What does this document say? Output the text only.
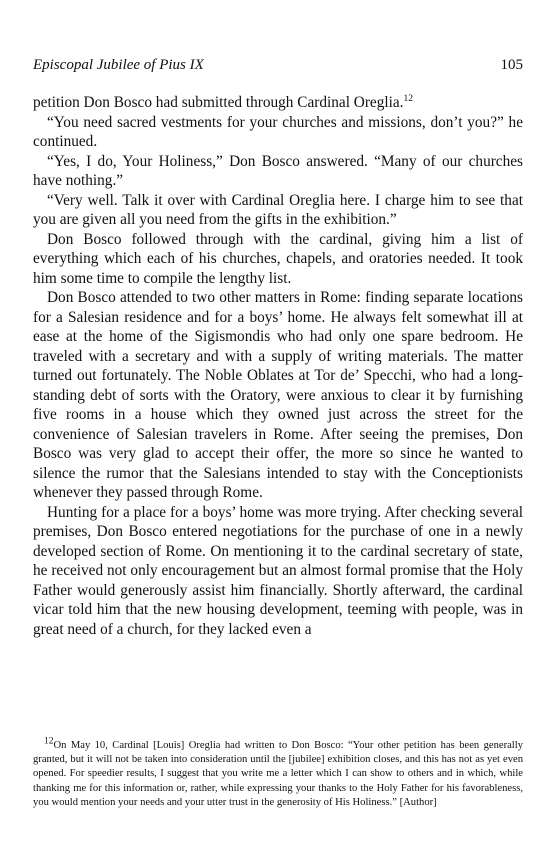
Episcopal Jubilee of Pius IX	105

petition Don Bosco had submitted through Cardinal Oreglia.$^{12}$

“You need sacred vestments for your churches and missions, don’t you?” he continued.

“Yes, I do, Your Holiness,” Don Bosco answered. “Many of our churches have nothing.”

“Very well. Talk it over with Cardinal Oreglia here. I charge him to see that you are given all you need from the gifts in the exhibition.”

Don Bosco followed through with the cardinal, giving him a list of everything which each of his churches, chapels, and oratories needed. It took him some time to compile the lengthy list.

Don Bosco attended to two other matters in Rome: finding separate locations for a Salesian residence and for a boys’ home. He always felt somewhat ill at ease at the home of the Sigismondis who had only one spare bedroom. He traveled with a secretary and with a supply of writing materials. The matter turned out fortunately. The Noble Oblates at Tor de’ Specchi, who had a long-standing debt of sorts with the Oratory, were anxious to clear it by furnishing five rooms in a house which they owned just across the street for the convenience of Salesian travelers in Rome. After seeing the premises, Don Bosco was very glad to accept their offer, the more so since he wanted to silence the rumor that the Salesians intended to stay with the Conceptionists whenever they passed through Rome.

Hunting for a place for a boys’ home was more trying. After checking several premises, Don Bosco entered negotiations for the purchase of one in a newly developed section of Rome. On mentioning it to the cardinal secretary of state, he received not only encouragement but an almost formal promise that the Holy Father would generously assist him financially. Shortly afterward, the cardinal vicar told him that the new housing development, teeming with people, was in great need of a church, for they lacked even a

12On May 10, Cardinal [Louis] Oreglia had written to Don Bosco: “Your other petition has been generally granted, but it will not be taken into consideration until the [jubilee] exhibition closes, and this has not as yet even opened. For speedier results, I suggest that you write me a letter which I can show to others and in which, while thanking me for this information or, rather, while expressing your thanks to the Holy Father for his favorableness, you would mention your needs and your utter trust in the generosity of His Holiness.” [Author]
